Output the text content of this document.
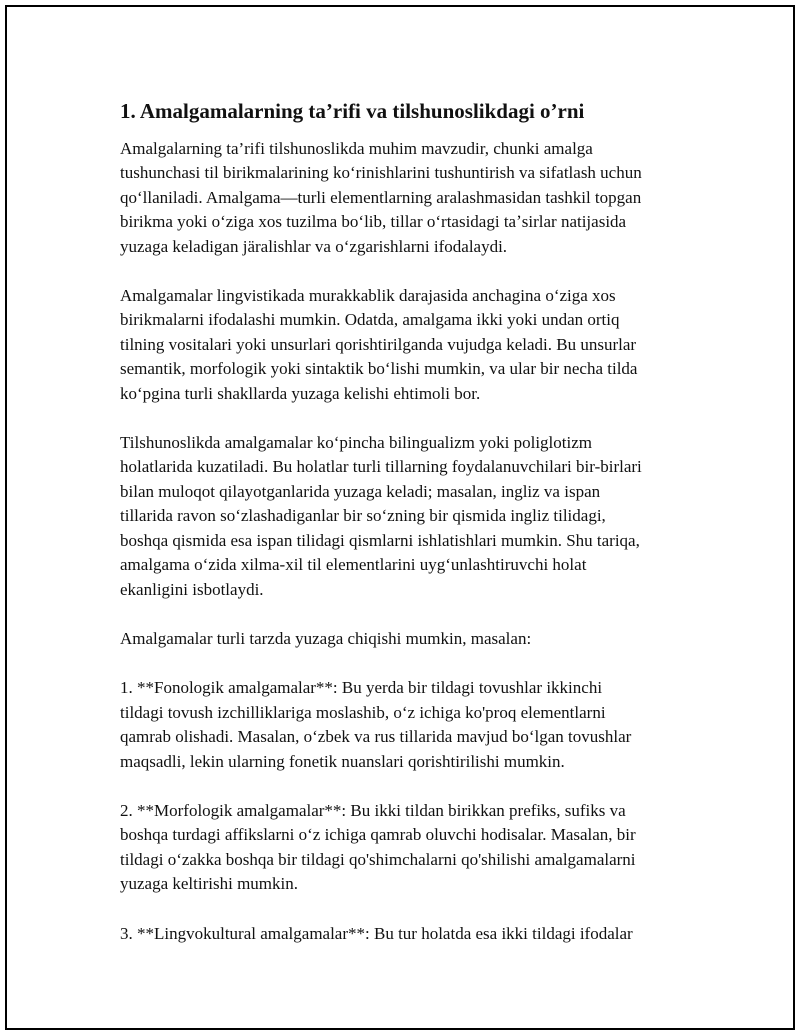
1. Amalgamalarning ta’rifi va tilshunoslikdagi o’rni

Amalgalarning ta’rifi tilshunoslikda muhim mavzudir, chunki amalga
tushunchasi til birikmalarining koʻrinishlarini tushuntirish va sifatlash uchun
qoʻllaniladi. Amalgama—turli elementlarning aralashmasidan tashkil topgan
birikma yoki oʻziga xos tuzilma boʻlib, tillar oʻrtasidagi taʼsirlar natijasida
yuzaga keladigan järalishlar va oʻzgarishlarni ifodalaydi.

Amalgamalar lingvistikada murakkablik darajasida anchagina oʻziga xos
birikmalarni ifodalashi mumkin. Odatda, amalgama ikki yoki undan ortiq
tilning vositalari yoki unsurlari qorishtirilganda vujudga keladi. Bu unsurlar
semantik, morfologik yoki sintaktik boʻlishi mumkin, va ular bir necha tilda
koʻpgina turli shakllarda yuzaga kelishi ehtimoli bor.

Tilshunoslikda amalgamalar koʻpincha bilingualizm yoki poliglotizm
holatlarida kuzatiladi. Bu holatlar turli tillarning foydalanuvchilari bir-birlari
bilan muloqot qilayotganlarida yuzaga keladi; masalan, ingliz va ispan
tillarida ravon soʻzlashadiganlar bir soʻzning bir qismida ingliz tilidagi,
boshqa qismida esa ispan tilidagi qismlarni ishlatishlari mumkin. Shu tariqa,
amalgama oʻzida xilma-xil til elementlarini uygʻunlashtiruvchi holat
ekanligini isbotlaydi.

Amalgamalar turli tarzda yuzaga chiqishi mumkin, masalan:

1. **Fonologik amalgamalar**: Bu yerda bir tildagi tovushlar ikkinchi
tildagi tovush izchilliklariga moslashib, oʻz ichiga ko'proq elementlarni
qamrab olishadi. Masalan, oʻzbek va rus tillarida mavjud boʻlgan tovushlar
maqsadli, lekin ularning fonetik nuanslari qorishtirilishi mumkin.

2. **Morfologik amalgamalar**: Bu ikki tildan birikkan prefiks, sufiks va
boshqa turdagi affikslarni oʻz ichiga qamrab oluvchi hodisalar. Masalan, bir
tildagi oʻzakka boshqa bir tildagi qo'shimchalarni qo'shilishi amalgamalarni
yuzaga keltirishi mumkin.

3. **Lingvokultural amalgamalar**: Bu tur holatda esa ikki tildagi ifodalar
